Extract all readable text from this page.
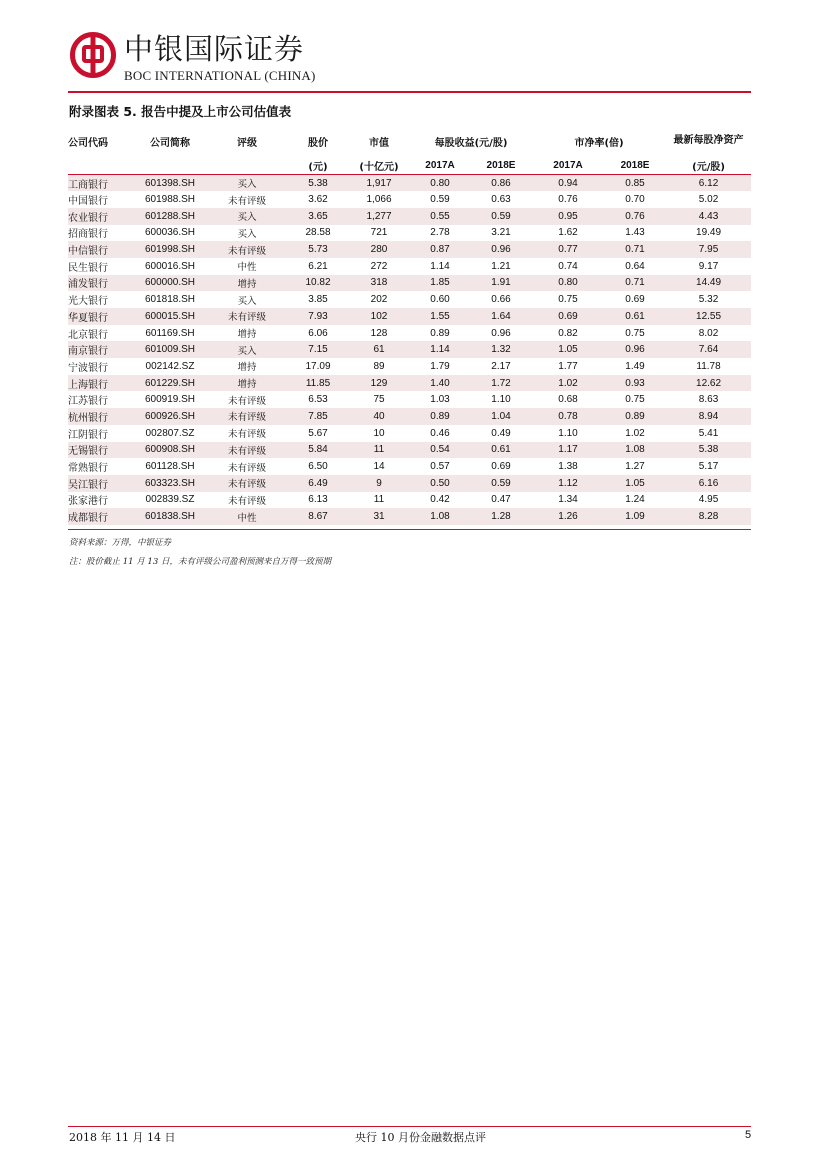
中银国际证券
BOC INTERNATIONAL (CHINA)
附录图表 5. 报告中提及上市公司估值表
公司代码	公司简称	评级	股价	市值	每股收益(元/股)		市净率(倍)		最新每股净资产
			(元)	(十亿元)	2017A	2018E	2017A	2018E	(元/股)
工商银行	601398.SH	买入	5.38	1,917	0.80	0.86	0.94	0.85	6.12
中国银行	601988.SH	未有评级	3.62	1,066	0.59	0.63	0.76	0.70	5.02
农业银行	601288.SH	买入	3.65	1,277	0.55	0.59	0.95	0.76	4.43
招商银行	600036.SH	买入	28.58	721	2.78	3.21	1.62	1.43	19.49
中信银行	601998.SH	未有评级	5.73	280	0.87	0.96	0.77	0.71	7.95
民生银行	600016.SH	中性	6.21	272	1.14	1.21	0.74	0.64	9.17
浦发银行	600000.SH	增持	10.82	318	1.85	1.91	0.80	0.71	14.49
光大银行	601818.SH	买入	3.85	202	0.60	0.66	0.75	0.69	5.32
华夏银行	600015.SH	未有评级	7.93	102	1.55	1.64	0.69	0.61	12.55
北京银行	601169.SH	增持	6.06	128	0.89	0.96	0.82	0.75	8.02
南京银行	601009.SH	买入	7.15	61	1.14	1.32	1.05	0.96	7.64
宁波银行	002142.SZ	增持	17.09	89	1.79	2.17	1.77	1.49	11.78
上海银行	601229.SH	增持	11.85	129	1.40	1.72	1.02	0.93	12.62
江苏银行	600919.SH	未有评级	6.53	75	1.03	1.10	0.68	0.75	8.63
杭州银行	600926.SH	未有评级	7.85	40	0.89	1.04	0.78	0.89	8.94
江阴银行	002807.SZ	未有评级	5.67	10	0.46	0.49	1.10	1.02	5.41
无锡银行	600908.SH	未有评级	5.84	11	0.54	0.61	1.17	1.08	5.38
常熟银行	601128.SH	未有评级	6.50	14	0.57	0.69	1.38	1.27	5.17
吴江银行	603323.SH	未有评级	6.49	9	0.50	0.59	1.12	1.05	6.16
张家港行	002839.SZ	未有评级	6.13	11	0.42	0.47	1.34	1.24	4.95
成都银行	601838.SH	中性	8.67	31	1.08	1.28	1.26	1.09	8.28
资料来源：万得，中银证券
注：股价截止 11 月 13 日，未有评级公司盈利预测来自万得一致预期
2018 年 11 月 14 日	央行 10 月份金融数据点评	5
